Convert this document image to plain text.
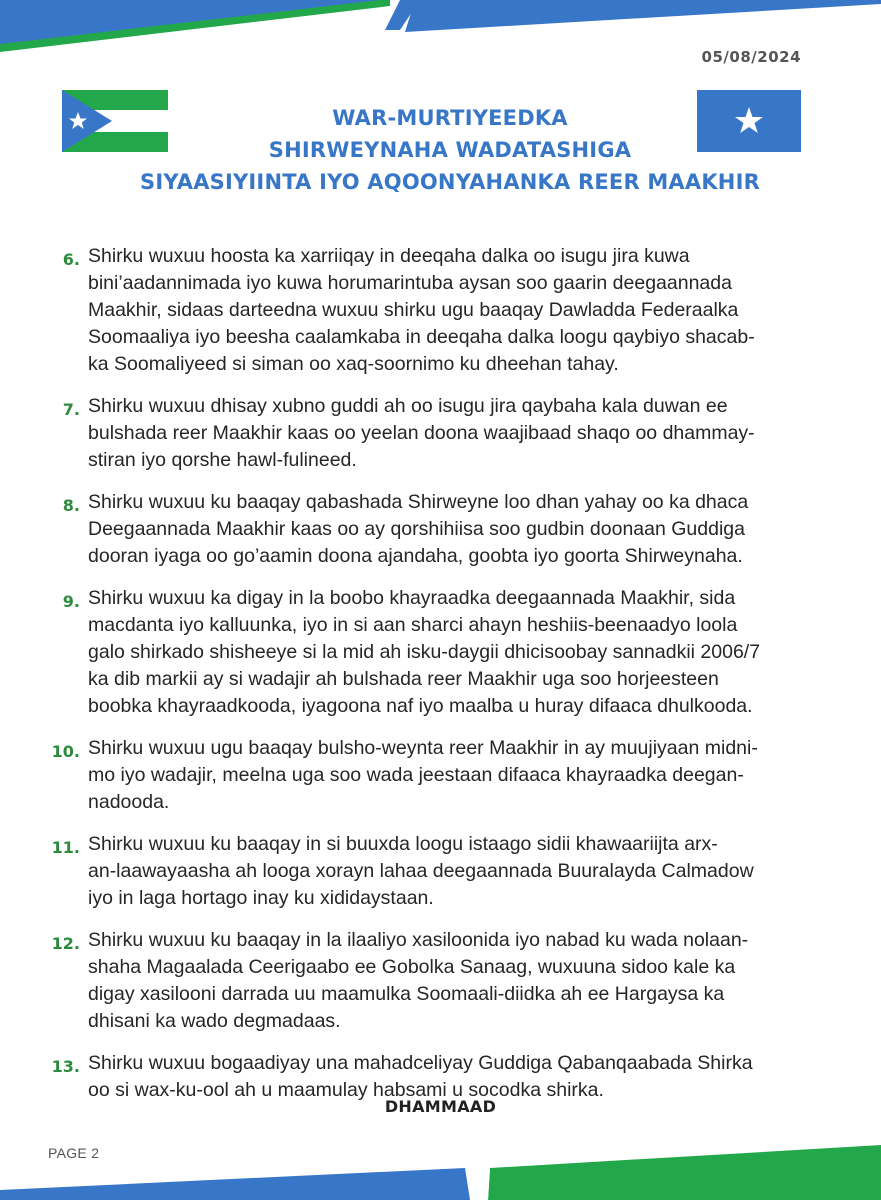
05/08/2024
WAR-MURTIYEEDKA
SHIRWEYNAHA WADATASHIGA
SIYAASIYIINTA IYO AQOONYAHANKA REER MAAKHIR
6. Shirku wuxuu hoosta ka xarriiqay in deeqaha dalka oo isugu jira kuwa
bini’aadannimada iyo kuwa horumarintuba aysan soo gaarin deegaannada
Maakhir, sidaas darteedna wuxuu shirku ugu baaqay Dawladda Federaalka
Soomaaliya iyo beesha caalamkaba in deeqaha dalka loogu qaybiyo shacab-
ka Soomaliyeed si siman oo xaq-soornimo ku dheehan tahay.
7. Shirku wuxuu dhisay xubno guddi ah oo isugu jira qaybaha kala duwan ee
bulshada reer Maakhir kaas oo yeelan doona waajibaad shaqo oo dhammay-
stiran iyo qorshe hawl-fulineed.
8. Shirku wuxuu ku baaqay qabashada Shirweyne loo dhan yahay oo ka dhaca
Deegaannada Maakhir kaas oo ay qorshihiisa soo gudbin doonaan Guddiga
dooran iyaga oo go’aamin doona ajandaha, goobta iyo goorta Shirweynaha.
9. Shirku wuxuu ka digay in la boobo khayraadka deegaannada Maakhir, sida
macdanta iyo kalluunka, iyo in si aan sharci ahayn heshiis-beenaadyo loola
galo shirkado shisheeye si la mid ah isku-daygii dhicisoobay sannadkii 2006/7
ka dib markii ay si wadajir ah bulshada reer Maakhir uga soo horjeesteen
boobka khayraadkooda, iyagoona naf iyo maalba u huray difaaca dhulkooda.
10. Shirku wuxuu ugu baaqay bulsho-weynta reer Maakhir in ay muujiyaan midni-
mo iyo wadajir, meelna uga soo wada jeestaan difaaca khayraadka deegan-
nadooda.
11. Shirku wuxuu ku baaqay in si buuxda loogu istaago sidii khawaariijta arx-
an-laawayaasha ah looga xorayn lahaa deegaannada Buuralayda Calmadow
iyo in laga hortago inay ku xididaystaan.
12. Shirku wuxuu ku baaqay in la ilaaliyo xasiloonida iyo nabad ku wada nolaan-
shaha Magaalada Ceerigaabo ee Gobolka Sanaag, wuxuuna sidoo kale ka
digay xasilooni darrada uu maamulka Soomaali-diidka ah ee Hargaysa ka
dhisani ka wado degmadaas.
13. Shirku wuxuu bogaadiyay una mahadceliyay Guddiga Qabanqaabada Shirka
oo si wax-ku-ool ah u maamulay habsami u socodka shirka.
DHAMMAAD
PAGE 2
